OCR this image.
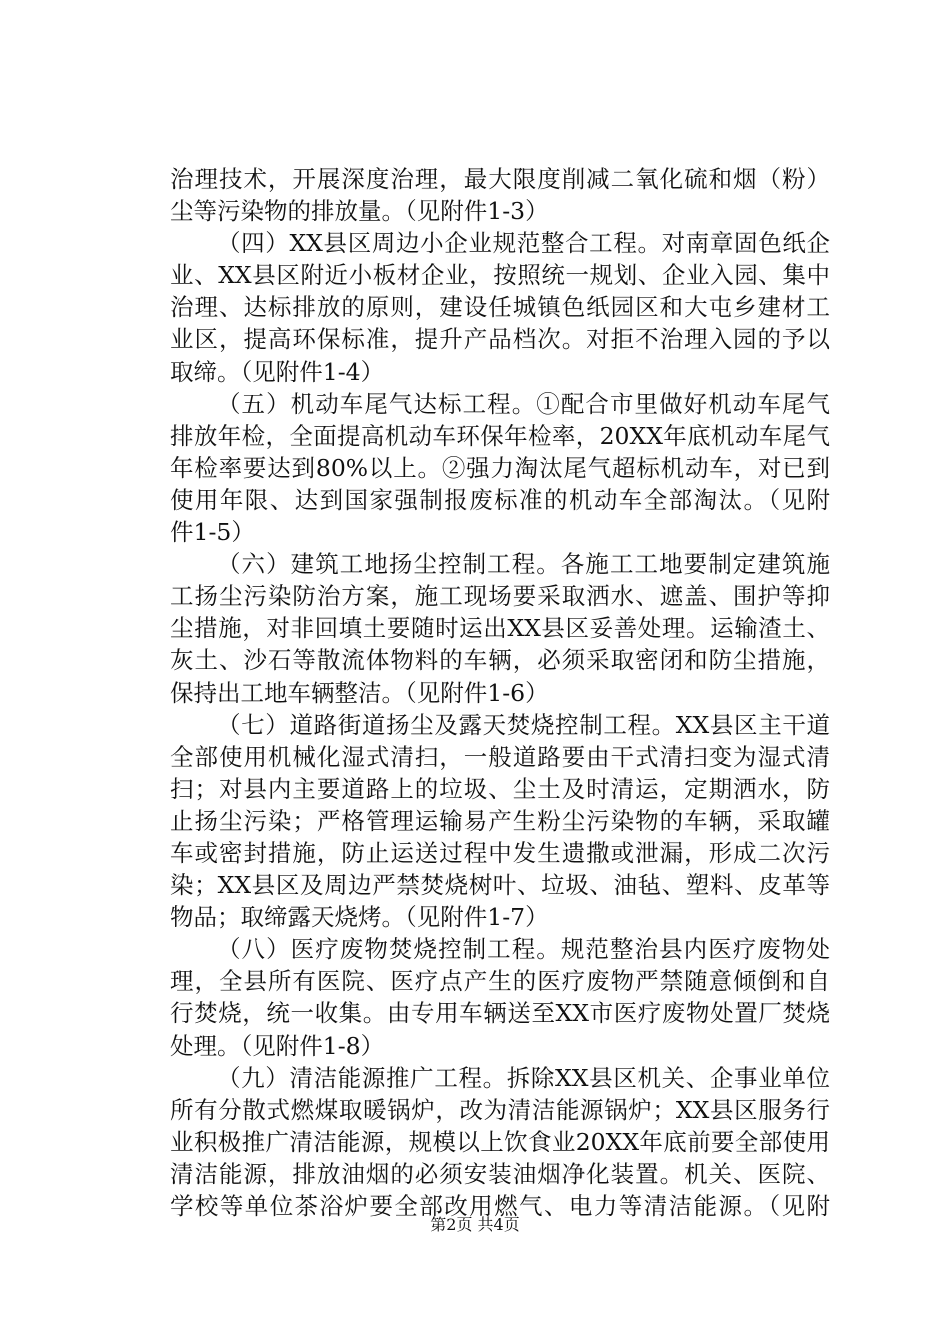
治理技术，开展深度治理，最大限度削减二氧化硫和烟（粉）
尘等污染物的排放量。（见附件1-3）
（四）XX县区周边小企业规范整合工程。对南章固色纸企
业、XX县区附近小板材企业，按照统一规划、企业入园、集中
治理、达标排放的原则，建设任城镇色纸园区和大屯乡建材工
业区，提高环保标准，提升产品档次。对拒不治理入园的予以
取缔。（见附件1-4）
（五）机动车尾气达标工程。①配合市里做好机动车尾气
排放年检，全面提高机动车环保年检率，20XX年底机动车尾气
年检率要达到80%以上。②强力淘汰尾气超标机动车，对已到
使用年限、达到国家强制报废标准的机动车全部淘汰。（见附
件1-5）
（六）建筑工地扬尘控制工程。各施工工地要制定建筑施
工扬尘污染防治方案，施工现场要采取洒水、遮盖、围护等抑
尘措施，对非回填土要随时运出XX县区妥善处理。运输渣土、
灰土、沙石等散流体物料的车辆，必须采取密闭和防尘措施，
保持出工地车辆整洁。（见附件1-6）
（七）道路街道扬尘及露天焚烧控制工程。XX县区主干道
全部使用机械化湿式清扫，一般道路要由干式清扫变为湿式清
扫；对县内主要道路上的垃圾、尘土及时清运，定期洒水，防
止扬尘污染；严格管理运输易产生粉尘污染物的车辆，采取罐
车或密封措施，防止运送过程中发生遗撒或泄漏，形成二次污
染；XX县区及周边严禁焚烧树叶、垃圾、油毡、塑料、皮革等
物品；取缔露天烧烤。（见附件1-7）
（八）医疗废物焚烧控制工程。规范整治县内医疗废物处
理，全县所有医院、医疗点产生的医疗废物严禁随意倾倒和自
行焚烧，统一收集。由专用车辆送至XX市医疗废物处置厂焚烧
处理。（见附件1-8）
（九）清洁能源推广工程。拆除XX县区机关、企事业单位
所有分散式燃煤取暖锅炉，改为清洁能源锅炉；XX县区服务行
业积极推广清洁能源，规模以上饮食业20XX年底前要全部使用
清洁能源，排放油烟的必须安装油烟净化装置。机关、医院、
学校等单位茶浴炉要全部改用燃气、电力等清洁能源。（见附
第2页 共4页
